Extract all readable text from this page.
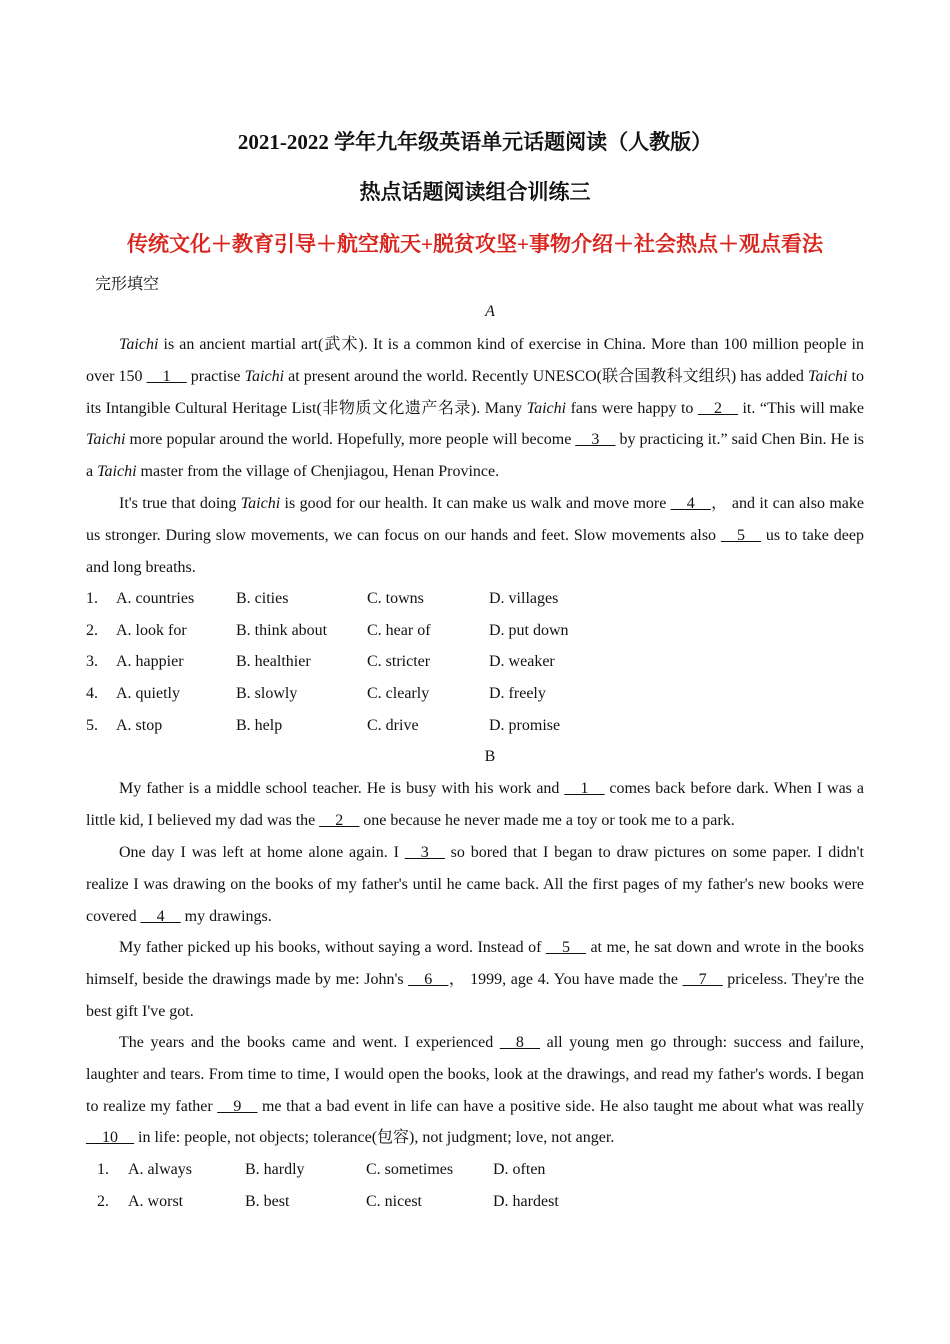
2021-2022 学年九年级英语单元话题阅读（人教版）
热点话题阅读组合训练三
传统文化＋教育引导＋航空航天+脱贫攻坚+事物介绍＋社会热点＋观点看法
完形填空
A

Taichi is an ancient martial art(武术). It is a common kind of exercise in China. More than 100 million people in over 150 __1__ practise Taichi at present around the world. Recently UNESCO(联合国教科文组织) has added Taichi to its Intangible Cultural Heritage List(非物质文化遗产名录). Many Taichi fans were happy to __2__ it. “This will make Taichi more popular around the world. Hopefully, more people will become __3__ by practicing it.” said Chen Bin. He is a Taichi master from the village of Chenjiagou, Henan Province.

It's true that doing Taichi is good for our health. It can make us walk and move more __4__， and it can also make us stronger. During slow movements, we can focus on our hands and feet. Slow movements also __5__ us to take deep and long breaths.

1. A. countries	B. cities	C. towns	D. villages
2. A. look for	B. think about C. hear of	D. put down
3. A. happier	B. healthier	C. stricter	D. weaker
4. A. quietly	B. slowly	C. clearly	D. freely
5. A. stop	B. help	C. drive	D. promise
B

My father is a middle school teacher. He is busy with his work and __1__ comes back before dark. When I was a little kid, I believed my dad was the __2__ one because he never made me a toy or took me to a park.

One day I was left at home alone again. I __3__ so bored that I began to draw pictures on some paper. I didn't realize I was drawing on the books of my father's until he came back. All the first pages of my father's new books were covered __4__ my drawings.

My father picked up his books, without saying a word. Instead of __5__ at me, he sat down and wrote in the books himself, beside the drawings made by me: John's __6__， 1999, age 4. You have made the __7__ priceless. They're the best gift I've got.

The years and the books came and went. I experienced __8__ all young men go through: success and failure, laughter and tears. From time to time, I would open the books, look at the drawings, and read my father's words. I began to realize my father __9__ me that a bad event in life can have a positive side. He also taught me about what was really __10__ in life: people, not objects; tolerance(包容), not judgment; love, not anger.

1. A. always	B. hardly	C. sometimes D. often
2. A. worst	B. best	C. nicest	D. hardest
